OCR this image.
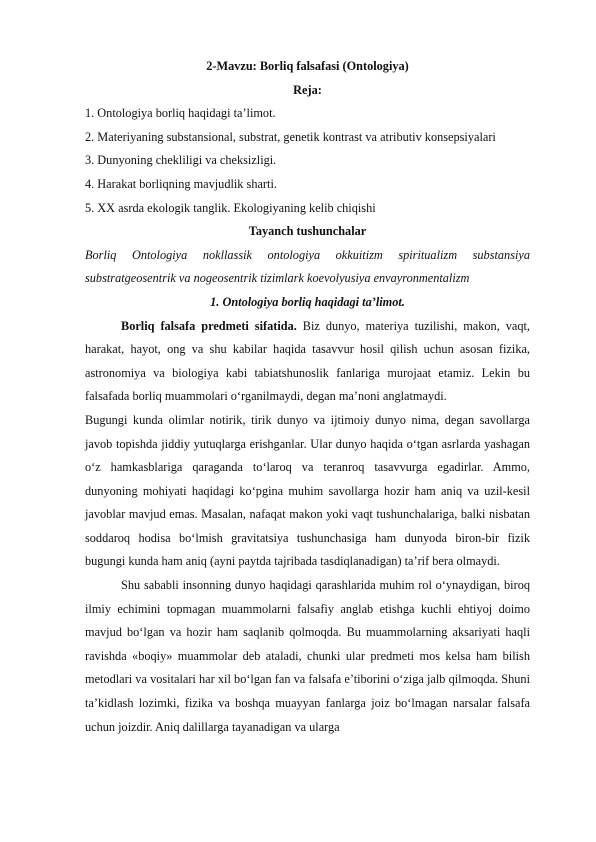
2-Mavzu: Borliq falsafasi (Ontologiya)

Reja:

1. Ontologiya borliq haqidagi ta’limot.

2. Materiyaning substansional, substrat, genetik kontrast va atributiv konsepsiyalari

3. Dunyoning chekliligi va cheksizligi.

4. Harakat borliqning mavjudlik sharti.

5. XX asrda ekologik tanglik. Ekologiyaning kelib chiqishi

Tayanch tushunchalar

Borliq Ontologiya nokllassik ontologiya okkuitizm spiritualizm substansiya substratgeosentrik va nogeosentrik tizimlark koevolyusiya envayronmentalizm

1. Ontologiya borliq haqidagi ta’limot.

Borliq falsafa predmeti sifatida. Biz dunyo, materiya tuzilishi, makon, vaqt, harakat, hayot, ong va shu kabilar haqida tasavvur hosil qilish uchun asosan fizika, astronomiya va biologiya kabi tabiatshunoslik fanlariga murojaat etamiz. Lekin bu falsafada borliq muammolari o‘rganilmaydi, degan ma’noni anglatmaydi.

Bugungi kunda olimlar notirik, tirik dunyo va ijtimoiy dunyo nima, degan savollarga javob topishda jiddiy yutuqlarga erishganlar. Ular dunyo haqida o‘tgan asrlarda yashagan o‘z hamkasblariga qaraganda to‘laroq va teranroq tasavvurga egadirlar. Ammo, dunyoning mohiyati haqidagi ko‘pgina muhim savollarga hozir ham aniq va uzil-kesil javoblar mavjud emas. Masalan, nafaqat makon yoki vaqt tushunchalariga, balki nisbatan soddaroq hodisa bo‘lmish gravitatsiya tushunchasiga ham dunyoda biron-bir fizik bugungi kunda ham aniq (ayni paytda tajribada tasdiqlanadigan) ta’rif bera olmaydi.

Shu sababli insonning dunyo haqidagi qarashlarida muhim rol o‘ynaydigan, biroq ilmiy echimini topmagan muammolarni falsafiy anglab etishga kuchli ehtiyoj doimo mavjud bo‘lgan va hozir ham saqlanib qolmoqda. Bu muammolarning aksariyati haqli ravishda «boqiy» muammolar deb ataladi, chunki ular predmeti mos kelsa ham bilish metodlari va vositalari har xil bo‘lgan fan va falsafa e’tiborini o‘ziga jalb qilmoqda. Shuni ta’kidlash lozimki, fizika va boshqa muayyan fanlarga joiz bo‘lmagan narsalar falsafa uchun joizdir. Aniq dalillarga tayanadigan va ularga
